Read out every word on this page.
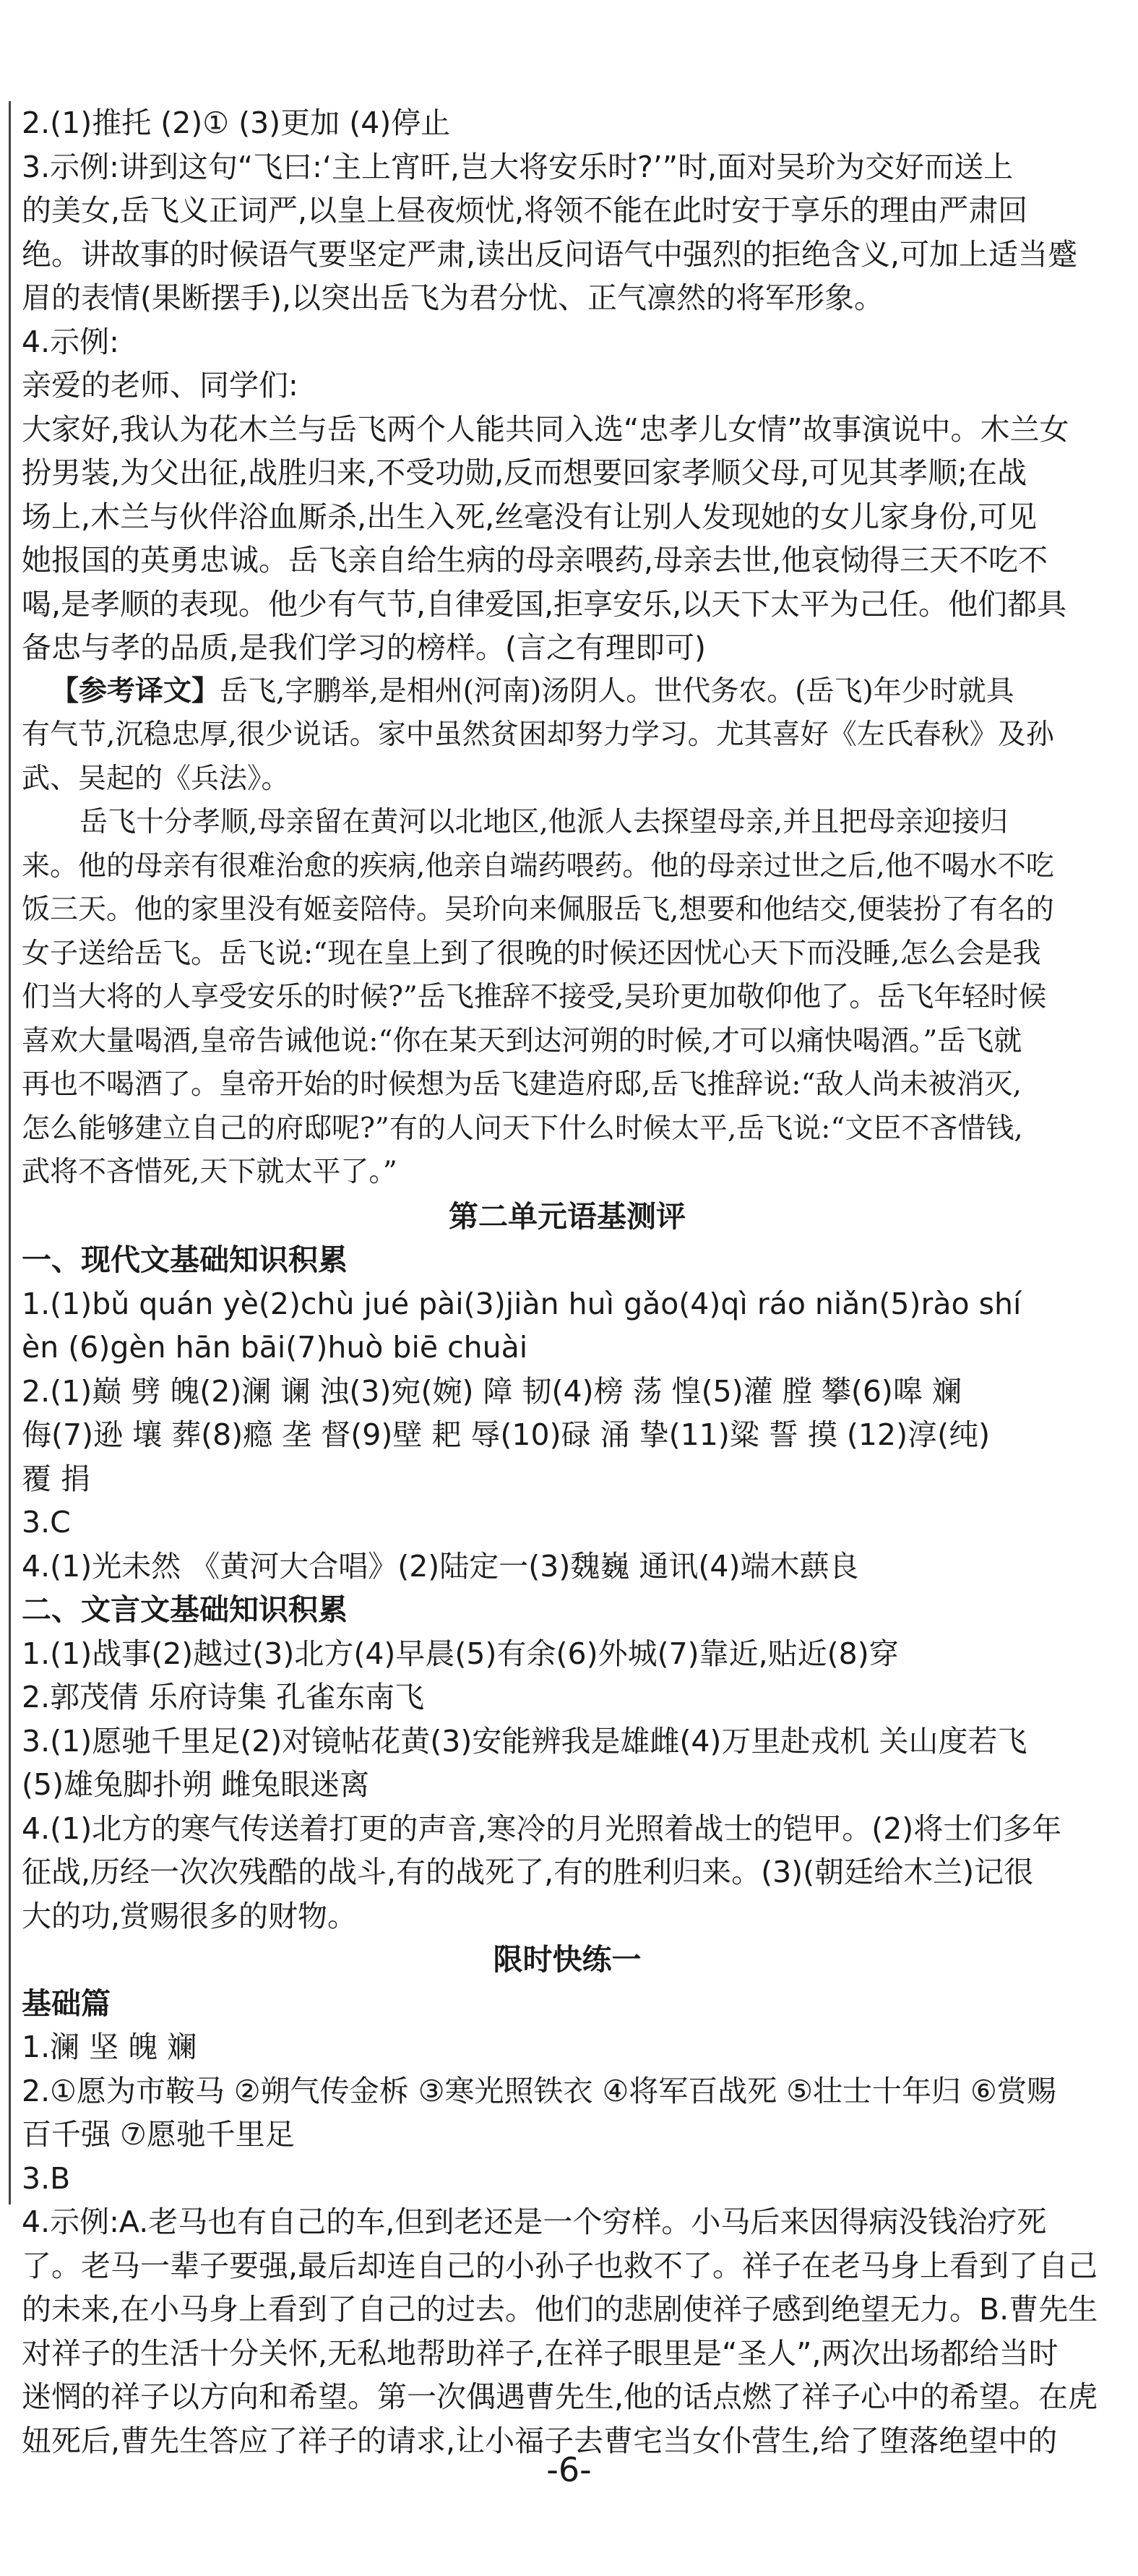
2.(1)推托 (2)① (3)更加 (4)停止
3.示例:讲到这句“飞曰:‘主上宵旰,岂大将安乐时?’”时,面对吴玠为交好而送上
的美女,岳飞义正词严,以皇上昼夜烦忧,将领不能在此时安于享乐的理由严肃回
绝。讲故事的时候语气要坚定严肃,读出反问语气中强烈的拒绝含义,可加上适当蹙
眉的表情(果断摆手),以突出岳飞为君分忧、正气凛然的将军形象。
4.示例:
亲爱的老师、同学们:
大家好,我认为花木兰与岳飞两个人能共同入选“忠孝儿女情”故事演说中。木兰女
扮男装,为父出征,战胜归来,不受功勋,反而想要回家孝顺父母,可见其孝顺;在战
场上,木兰与伙伴浴血厮杀,出生入死,丝毫没有让别人发现她的女儿家身份,可见
她报国的英勇忠诚。岳飞亲自给生病的母亲喂药,母亲去世,他哀恸得三天不吃不
喝,是孝顺的表现。他少有气节,自律爱国,拒享安乐,以天下太平为己任。他们都具
备忠与孝的品质,是我们学习的榜样。(言之有理即可)
【参考译文】岳飞,字鹏举,是相州(河南)汤阴人。世代务农。(岳飞)年少时就具
有气节,沉稳忠厚,很少说话。家中虽然贫困却努力学习。尤其喜好《左氏春秋》及孙
武、吴起的《兵法》。
岳飞十分孝顺,母亲留在黄河以北地区,他派人去探望母亲,并且把母亲迎接归
来。他的母亲有很难治愈的疾病,他亲自端药喂药。他的母亲过世之后,他不喝水不吃
饭三天。他的家里没有姬妾陪侍。吴玠向来佩服岳飞,想要和他结交,便装扮了有名的
女子送给岳飞。岳飞说:“现在皇上到了很晚的时候还因忧心天下而没睡,怎么会是我
们当大将的人享受安乐的时候?”岳飞推辞不接受,吴玠更加敬仰他了。岳飞年轻时候
喜欢大量喝酒,皇帝告诫他说:“你在某天到达河朔的时候,才可以痛快喝酒。”岳飞就
再也不喝酒了。皇帝开始的时候想为岳飞建造府邸,岳飞推辞说:“敌人尚未被消灭,
怎么能够建立自己的府邸呢?”有的人问天下什么时候太平,岳飞说:“文臣不吝惜钱,
武将不吝惜死,天下就太平了。”
第二单元语基测评
一、现代文基础知识积累
1.(1)bǔ quán yè(2)chù jué pài(3)jiàn huì gǎo(4)qì ráo niǎn(5)rào shí
èn (6)gèn hān bāi(7)huò biē chuài
2.(1)巅 劈 魄(2)澜 谰 浊(3)宛(婉) 障 韧(4)榜 荡 惶(5)灌 膛 攀(6)嗥 斓
侮(7)逊 壤 葬(8)瘾 垄 督(9)壁 耙 辱(10)碌 涌 挚(11)粱 誓 摸 (12)淳(纯)
覆 捐
3.C
4.(1)光未然 《黄河大合唱》(2)陆定一(3)魏巍 通讯(4)端木蕻良
二、文言文基础知识积累
1.(1)战事(2)越过(3)北方(4)早晨(5)有余(6)外城(7)靠近,贴近(8)穿
2.郭茂倩 乐府诗集 孔雀东南飞
3.(1)愿驰千里足(2)对镜帖花黄(3)安能辨我是雄雌(4)万里赴戎机 关山度若飞
(5)雄兔脚扑朔 雌兔眼迷离
4.(1)北方的寒气传送着打更的声音,寒冷的月光照着战士的铠甲。(2)将士们多年
征战,历经一次次残酷的战斗,有的战死了,有的胜利归来。(3)(朝廷给木兰)记很
大的功,赏赐很多的财物。
限时快练一
基础篇
1.澜 坚 魄 斓
2.①愿为市鞍马 ②朔气传金柝 ③寒光照铁衣 ④将军百战死 ⑤壮士十年归 ⑥赏赐
百千强 ⑦愿驰千里足
3.B
4.示例:A.老马也有自己的车,但到老还是一个穷样。小马后来因得病没钱治疗死
了。老马一辈子要强,最后却连自己的小孙子也救不了。祥子在老马身上看到了自己
的未来,在小马身上看到了自己的过去。他们的悲剧使祥子感到绝望无力。B.曹先生
对祥子的生活十分关怀,无私地帮助祥子,在祥子眼里是“圣人”,两次出场都给当时
迷惘的祥子以方向和希望。第一次偶遇曹先生,他的话点燃了祥子心中的希望。在虎
妞死后,曹先生答应了祥子的请求,让小福子去曹宅当女仆营生,给了堕落绝望中的
-6-
